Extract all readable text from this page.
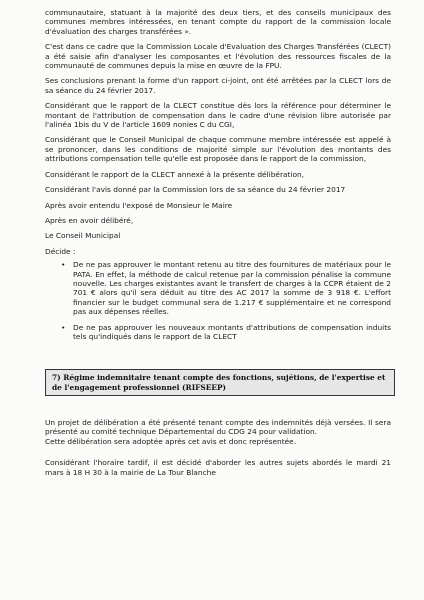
communautaire, statuant à la majorité des deux tiers, et des conseils municipaux des communes membres intéressées, en tenant compte du rapport de la commission locale d'évaluation des charges transférées ».

C'est dans ce cadre que la Commission Locale d'Evaluation des Charges Transférées (CLECT) a été saisie afin d'analyser les composantes et l'évolution des ressources fiscales de la communauté de communes depuis la mise en œuvre de la FPU.

Ses conclusions prenant la forme d'un rapport ci-joint, ont été arrêtées par la CLECT lors de sa séance du 24 février 2017.

Considérant que le rapport de la CLECT constitue dès lors la référence pour déterminer le montant de l'attribution de compensation dans le cadre d'une révision libre autorisée par l'alinéa 1bis du V de l'article 1609 nonies C du CGI,

Considérant que le Conseil Municipal de chaque commune membre intéressée est appelé à se prononcer, dans les conditions de majorité simple sur l'évolution des montants des attributions compensation telle qu'elle est proposée dans le rapport de la commission,

Considérant le rapport de la CLECT annexé à la présente délibération,

Considérant l'avis donné par la Commission lors de sa séance du 24 février 2017

Après avoir entendu l'exposé de Monsieur le Maire

Après en avoir délibéré,

Le Conseil Municipal

Décide :

• De ne pas approuver le montant retenu au titre des fournitures de matériaux pour le PATA. En effet, la méthode de calcul retenue par la commission pénalise la commune nouvelle. Les charges existantes avant le transfert de charges à la CCPR étaient de 2 701 € alors qu'il sera déduit au titre des AC 2017 la somme de 3 918 €. L'effort financier sur le budget communal sera de 1.217 € supplémentaire et ne correspond pas aux dépenses réelles.
• De ne pas approuver les nouveaux montants d'attributions de compensation induits tels qu'indiqués dans le rapport de la CLECT
7) Régime indemnitaire tenant compte des fonctions, sujétions, de l'expertise et de l'engagement professionnel (RIFSEEP)

Un projet de délibération a été présenté tenant compte des indemnités déjà versées. Il sera présenté au comité technique Départemental du CDG 24 pour validation.

Cette délibération sera adoptée après cet avis et donc représentée.

Considérant l'horaire tardif, il est décidé d'aborder les autres sujets abordés le mardi 21 mars à 18 H 30 à la mairie de La Tour Blanche
